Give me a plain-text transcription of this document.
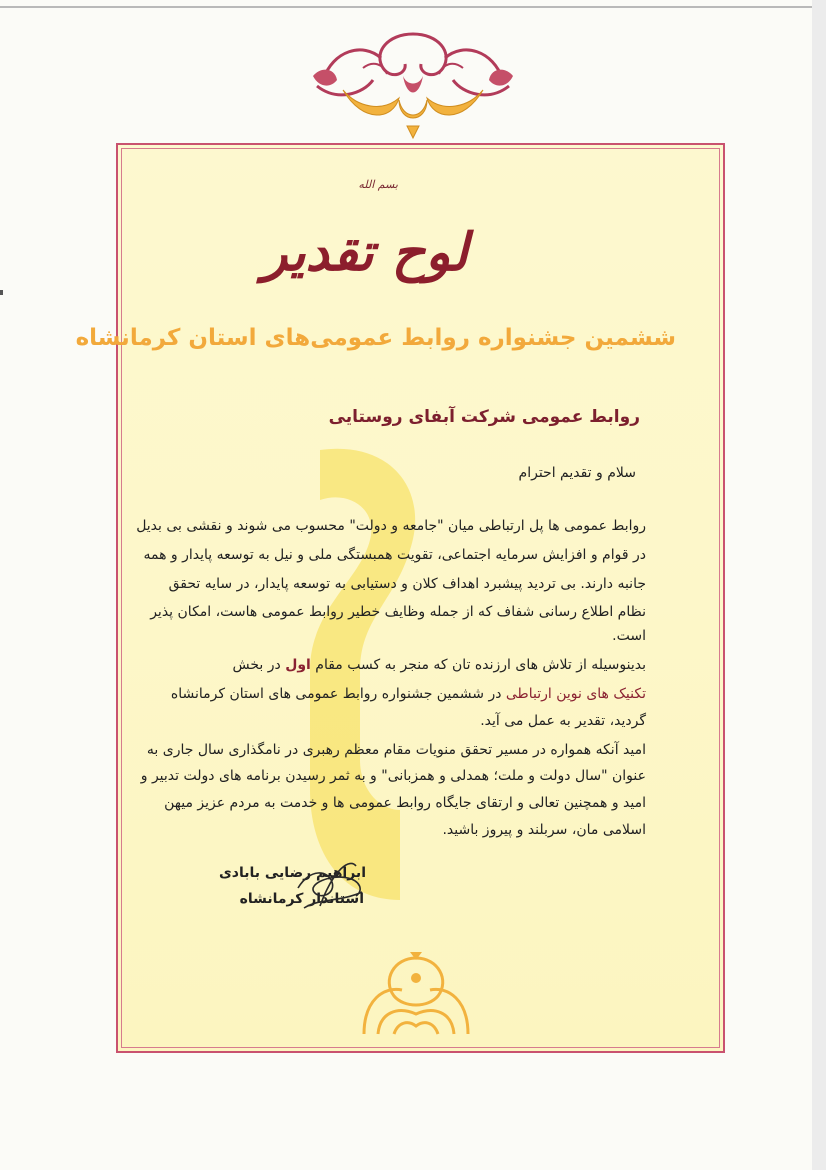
بسم الله
لوح تقدیر
ششمین جشنواره روابط عمومی‌های استان کرمانشاه
روابط عمومی شرکت آبفای روستایی
سلام و تقدیم احترام
روابط عمومی ها پل ارتباطی میان "جامعه و دولت" محسوب می شوند و نقشی بی بدیل
در قوام و افزایش سرمایه اجتماعی، تقویت همبستگی ملی و نیل به توسعه پایدار و همه
جانبه دارند. بی تردید پیشبرد اهداف کلان و دستیابی به توسعه پایدار، در سایه تحقق
نظام اطلاع رسانی شفاف که از جمله وظایف خطیر روابط عمومی هاست، امکان پذیر
است.
بدینوسیله از تلاش های ارزنده تان که منجر به کسب مقام اول در بخش
تکنیک های نوین ارتباطی در ششمین جشنواره روابط عمومی های استان کرمانشاه
گردید، تقدیر به عمل می آید.
امید آنکه همواره در مسیر تحقق منویات مقام معظم رهبری در نامگذاری سال جاری به
عنوان "سال دولت و ملت؛ همدلی و همزبانی" و به ثمر رسیدن برنامه های دولت تدبیر و
امید و همچنین تعالی و ارتقای جایگاه روابط عمومی ها و خدمت به مردم عزیز میهن
اسلامی مان، سربلند و پیروز باشید.
ابراهیم رضایی بابادی
استاندار کرمانشاه
